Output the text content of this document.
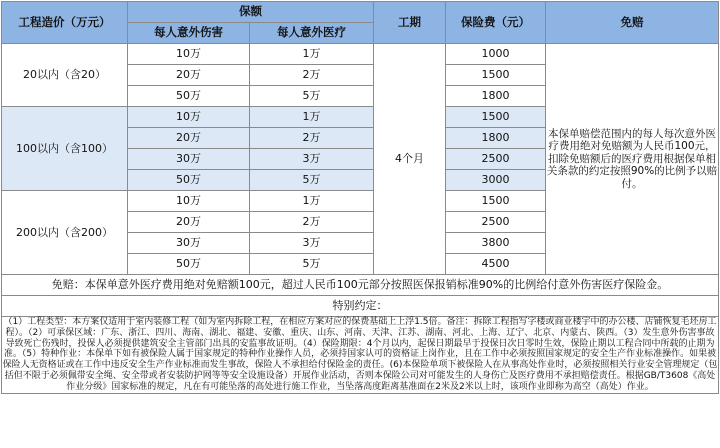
工程造价（万元）	保额		工期	保险费（元）	免赔
	每人意外伤害	每人意外医疗			
20以内（含20）	10万	1万	4个月	1000	本保单赔偿范围内的每人每次意外医疗费用绝对免赔额为人民币100元，扣除免赔额后的医疗费用根据保单相关条款的约定按照90%的比例予以赔付。
	20万	2万		1500	
	50万	5万		1800	
100以内（含100）	10万	1万		1500	
	20万	2万		1800	
	30万	3万		2500	
	50万	5万		3000	
200以内（含200）	10万	1万		1500	
	20万	2万		2500	
	30万	3万		3800	
	50万	5万		4500	
免赔：本保单意外医疗费用绝对免赔额100元，超过人民币100元部分按照医保报销标准90%的比例给付意外伤害医疗保险金。					
特别约定：					
（1）工程类型：本方案仅适用于室内装修工程（如为室内拆除工程，在相应方案对应的保费基础上上浮1.5倍。备注：拆除工程指写字楼或商业楼宇中的办公楼、店铺恢复毛坯房工程）。（2）可承保区域：广东、浙江、四川、海南、湖北、福建、安徽、重庆、山东、河南、天津、江苏、湖南、河北、上海、辽宁、北京、内蒙古、陕西。（3）发生意外伤害事故导致死亡伤残时，投保人必须提供建筑安全主管部门出具的安监事故证明。（4）保险期限：4个月以内，起保日期最早于投保日次日零时生效，保险止期以工程合同中所载的止期为准。（5）特种作业：本保单下如有被保险人属于国家规定的特种作业操作人员，必须持国家认可的资格证上岗作业，且在工作中必须按照国家规定的安全生产作业标准操作。如果被保险人无资格证或在工作中违反安全生产作业标准而发生事故，保险人不承担给付保险金的责任。(6)本保险单项下被保险人在从事高处作业时，必须按照相关行业安全管理规定（包括但不限于必须佩带安全绳、安全带或者安装防护网等等安全设施设备）开展作业活动，否则本保险公司对可能发生的人身伤亡及医疗费用不承担赔偿责任。根据GB/T3608《高处作业分级》国家标准的规定，凡在有可能坠落的高处进行施工作业，当坠落高度距离基准面在2米及2米以上时，该项作业即称为高空（高处）作业。					
